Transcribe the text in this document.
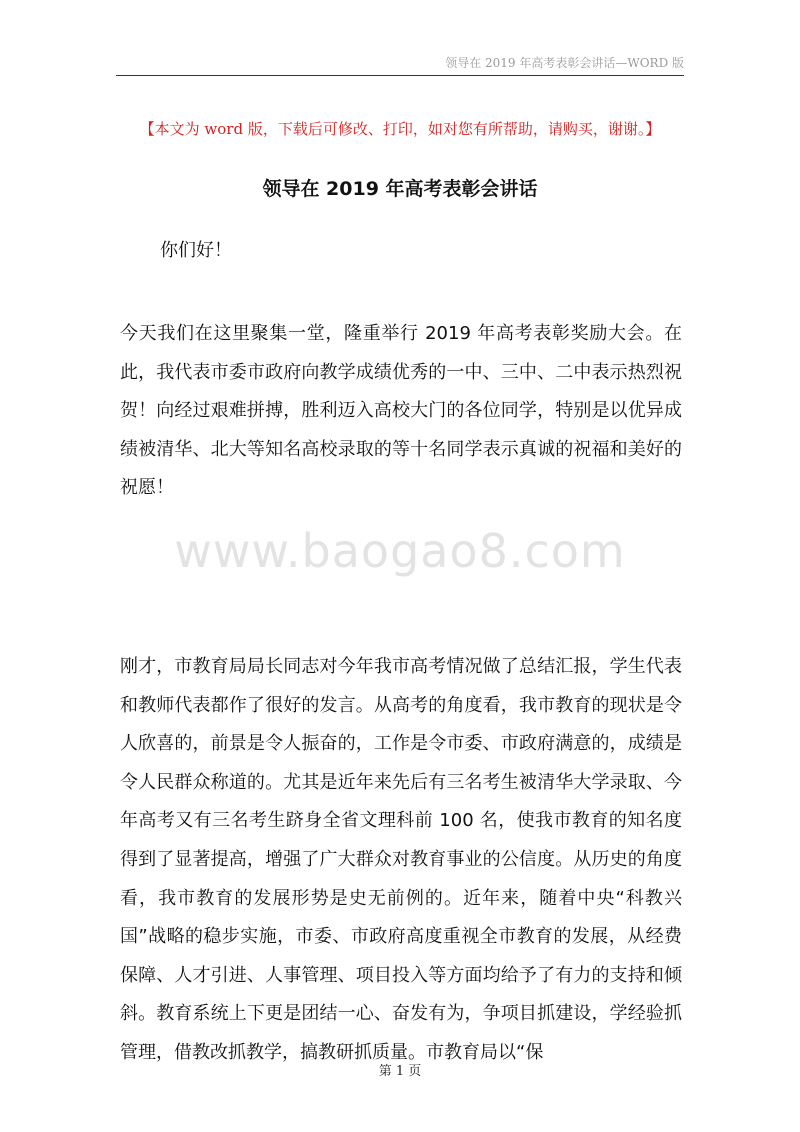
领导在 2019 年高考表彰会讲话—WORD 版
【本文为 word 版，下载后可修改、打印，如对您有所帮助，请购买，谢谢。】
领导在 2019 年高考表彰会讲话
你们好！

今天我们在这里聚集一堂，隆重举行 2019 年高考表彰奖励大会。在此，我代表市委市政府向教学成绩优秀的一中、三中、二中表示热烈祝贺！向经过艰难拼搏，胜利迈入高校大门的各位同学，特别是以优异成绩被清华、北大等知名高校录取的等十名同学表示真诚的祝福和美好的祝愿！

www.baogao8.com

刚才，市教育局局长同志对今年我市高考情况做了总结汇报，学生代表和教师代表都作了很好的发言。从高考的角度看，我市教育的现状是令人欣喜的，前景是令人振奋的，工作是令市委、市政府满意的，成绩是令人民群众称道的。尤其是近年来先后有三名考生被清华大学录取、今年高考又有三名考生跻身全省文理科前 100 名，使我市教育的知名度得到了显著提高，增强了广大群众对教育事业的公信度。从历史的角度看，我市教育的发展形势是史无前例的。近年来，随着中央“科教兴国”战略的稳步实施，市委、市政府高度重视全市教育的发展，从经费保障、人才引进、人事管理、项目投入等方面均给予了有力的支持和倾斜。教育系统上下更是团结一心、奋发有为，争项目抓建设，学经验抓管理，借教改抓教学，搞教研抓质量。市教育局以“保

第 1 页
